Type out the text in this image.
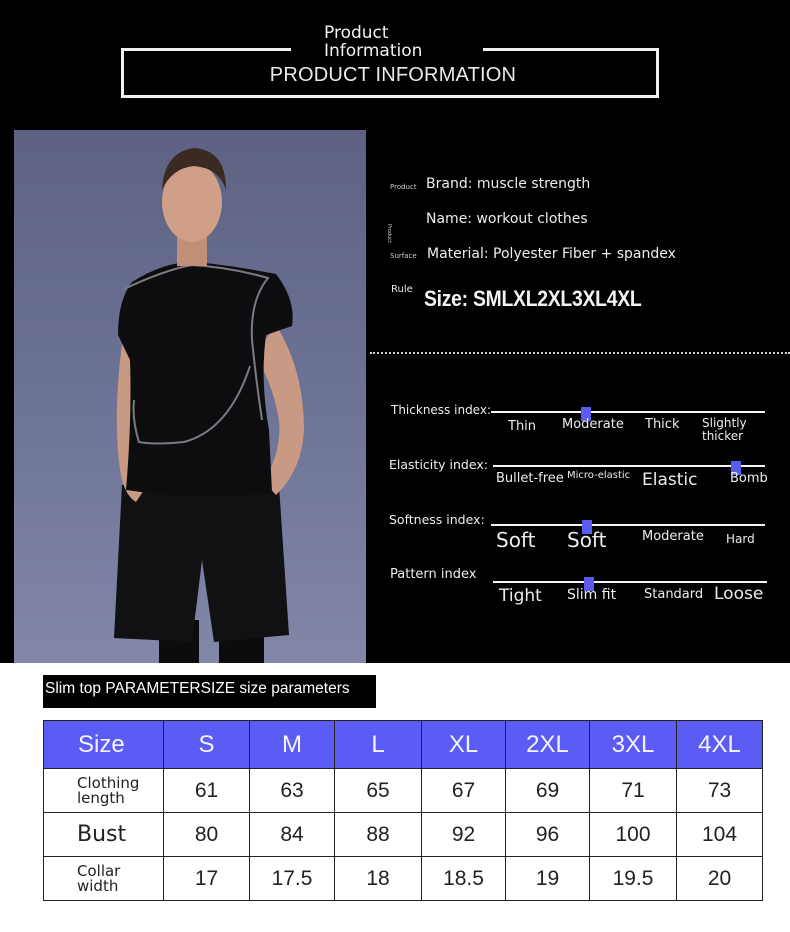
Product Information
PRODUCT INFORMATION
Product Brand: muscle strength
Product
Name: workout clothes
Surface Material: Polyester Fiber + spandex
Rule Size: SMLXL2XL3XL4XL
Thickness index:
Thin Moderate Thick Slightly thicker
Elasticity index:
Bullet-free Micro-elastic Elastic	Bomb
Softness index:
Soft Soft	Moderate Hard
Pattern index
Tight Slim fit Standard Loose
Slim top PARAMETERSIZE size parameters
Size	S	M	L	XL	2XL	3XL	4XL
Clothing length	61	63	65	67	69	71	73
Bust	80	84	88	92	96	100	104
Collar width	17	17.5	18	18.5	19	19.5	20
